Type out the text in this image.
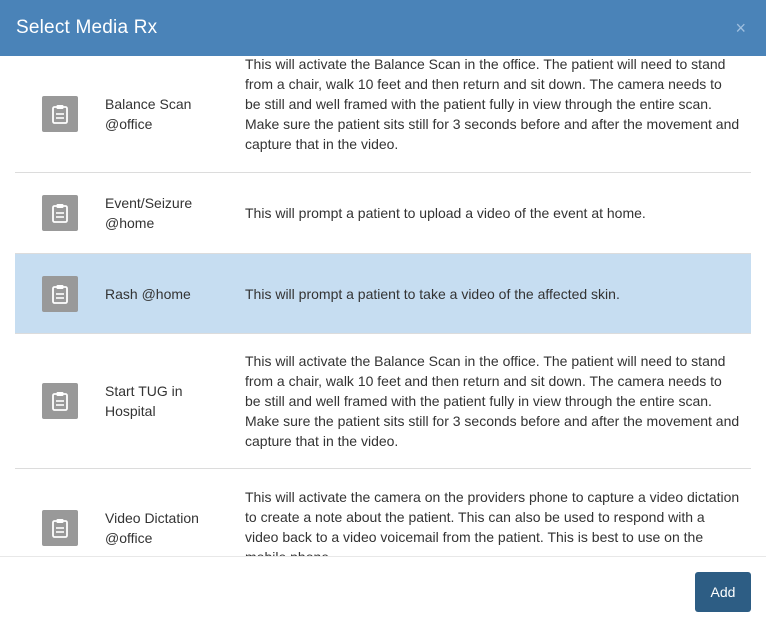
Select Media Rx	×
Balance Scan
@office
This will activate the Balance Scan in the office. The patient will need to stand from a chair, walk 10 feet and then return and sit down. The camera needs to be still and well framed with the patient fully in view through the entire scan. Make sure the patient sits still for 3 seconds before and after the movement and capture that in the video.
Event/Seizure
@home
This will prompt a patient to upload a video of the event at home.
Rash @home	This will prompt a patient to take a video of the affected skin.
Start TUG in
Hospital
This will activate the Balance Scan in the office. The patient will need to stand from a chair, walk 10 feet and then return and sit down. The camera needs to be still and well framed with the patient fully in view through the entire scan. Make sure the patient sits still for 3 seconds before and after the movement and capture that in the video.
Video Dictation
@office
This will activate the camera on the providers phone to capture a video dictation to create a note about the patient. This can also be used to respond with a video back to a video voicemail from the patient. This is best to use on the
Add
